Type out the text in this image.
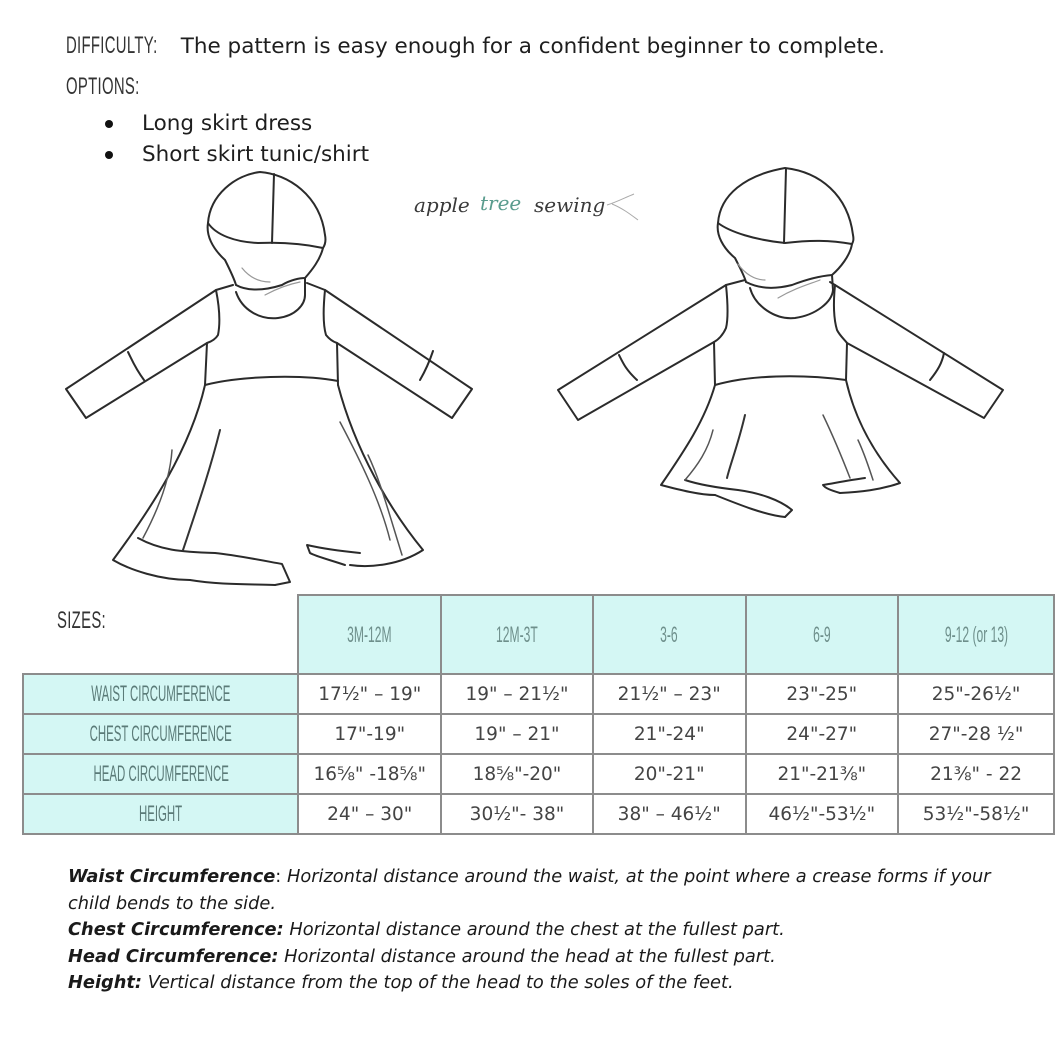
DIFFICULTY: The pattern is easy enough for a confident beginner to complete.
OPTIONS:
Long skirt dress
Short skirt tunic/shirt
apple tree sewing
SIZES:	3M-12M	12M-3T	3-6	6-9	9-12 (or 13)
WAIST CIRCUMFERENCE	17½" – 19"	19" – 21½"	21½" – 23"	23"-25"	25"-26½"
CHEST CIRCUMFERENCE	17"-19"	19" – 21"	21"-24"	24"-27"	27"-28 ½"
HEAD CIRCUMFERENCE	16⅝" -18⅝"	18⅝"-20"	20"-21"	21"-21⅜"	21⅜" - 22
HEIGHT	24" – 30"	30½"- 38"	38" – 46½"	46½"-53½"	53½"-58½"

Waist Circumference: Horizontal distance around the waist, at the point where a crease forms if your child bends to the side.

Chest Circumference: Horizontal distance around the chest at the fullest part.

Head Circumference: Horizontal distance around the head at the fullest part.

Height: Vertical distance from the top of the head to the soles of the feet.
